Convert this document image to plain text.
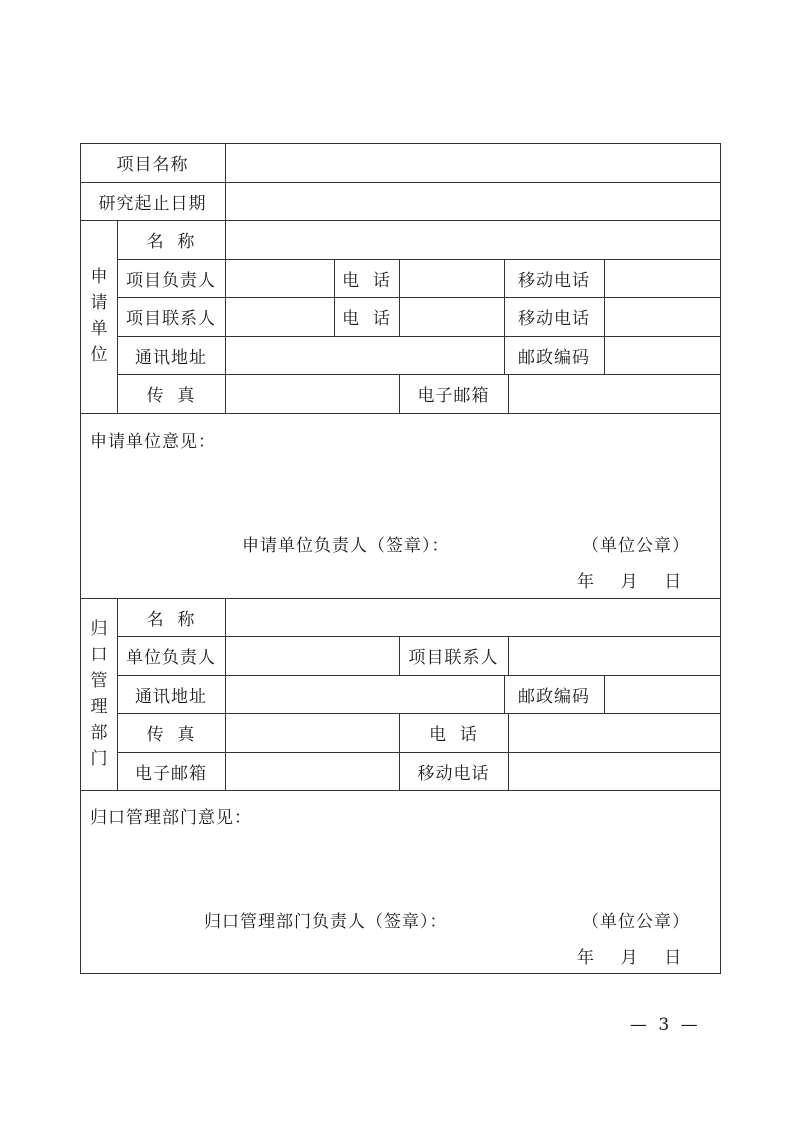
项目名称
研究起止日期
申
请
单
位
名  称
项目负责人	电  话	移动电话
项目联系人	电  话	移动电话
通讯地址	邮政编码
传  真	电子邮箱
申请单位意见：
申请单位负责人（签章）：	（单位公章）
年    月    日
归
口
管
理
部
门
名  称
单位负责人	项目联系人
通讯地址	邮政编码
传  真	电  话
电子邮箱	移动电话
归口管理部门意见：
归口管理部门负责人（签章）：	（单位公章）
年    月    日
— 3 —
